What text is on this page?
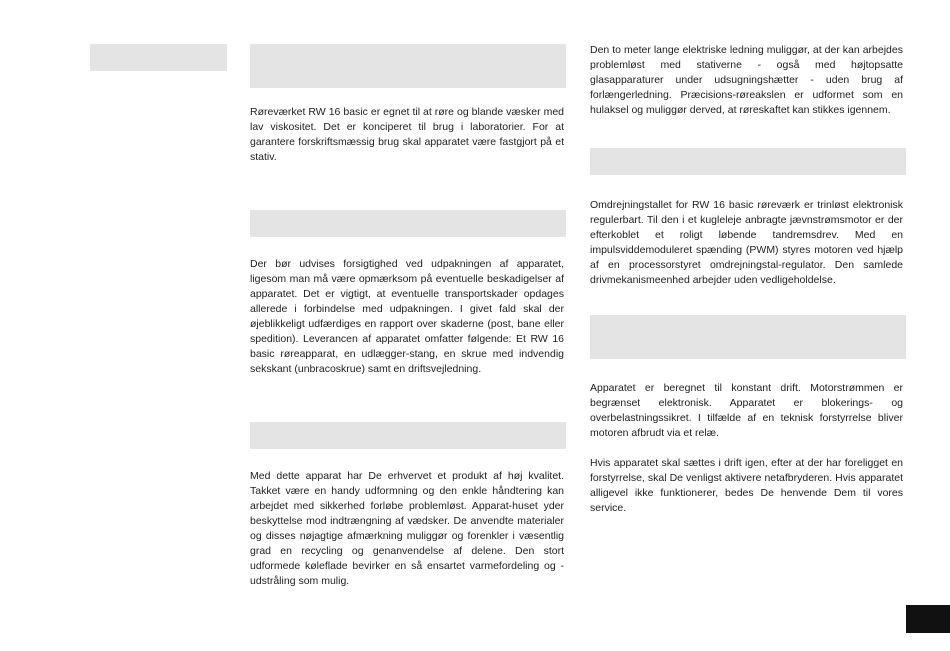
Røreværket RW 16 basic er egnet til at røre og blande væsker med lav viskositet. Det er konciperet til brug i laboratorier. For at garantere forskriftsmæssig brug skal apparatet være fastgjort på et stativ.

Der bør udvises forsigtighed ved udpakningen af apparatet, ligesom man må være opmærksom på eventuelle beskadigelser af apparatet. Det er vigtigt, at eventuelle transportskader opdages allerede i forbindelse med udpakningen. I givet fald skal der øjeblikkeligt udfærdiges en rapport over skaderne (post, bane eller spedition). Leverancen af apparatet omfatter følgende: Et RW 16 basic røreapparat, en udlægger-stang, en skrue med indvendig sekskant (unbracoskrue) samt en driftsvejledning.

Med dette apparat har De erhvervet et produkt af høj kvalitet. Takket være en handy udformning og den enkle håndtering kan arbejdet med sikkerhed forløbe problemløst. Apparat-huset yder beskyttelse mod indtrængning af vædsker. De anvendte materialer og disses nøjagtige afmærkning muliggør og forenkler i væsentlig grad en recycling og genanvendelse af delene. Den stort udformede køleflade bevirker en så ensartet varmefordeling og -udstråling som mulig.

Den to meter lange elektriske ledning muliggør, at der kan arbejdes problemløst med stativerne - også med højtopsatte glasapparaturer under udsugningshætter - uden brug af forlængerledning. Præcisions-røreakslen er udformet som en hulaksel og muliggør derved, at røreskaftet kan stikkes igennem.

Omdrejningstallet for RW 16 basic røreværk er trinløst elektronisk regulerbart. Til den i et kugleleje anbragte jævnstrømsmotor er der efterkoblet et roligt løbende tandremsdrev. Med en impulsviddemoduleret spænding (PWM) styres motoren ved hjælp af en processorstyret omdrejningstal-regulator. Den samlede drivmekanismeenhed arbejder uden vedligeholdelse.

Apparatet er beregnet til konstant drift. Motorstrømmen er begrænset elektronisk. Apparatet er blokerings- og overbelastningssikret. I tilfælde af en teknisk forstyrrelse bliver motoren afbrudt via et relæ.

Hvis apparatet skal sættes i drift igen, efter at der har foreligget en forstyrrelse, skal De venligst aktivere netafbryderen. Hvis apparatet alligevel ikke funktionerer, bedes De henvende Dem til vores service.
